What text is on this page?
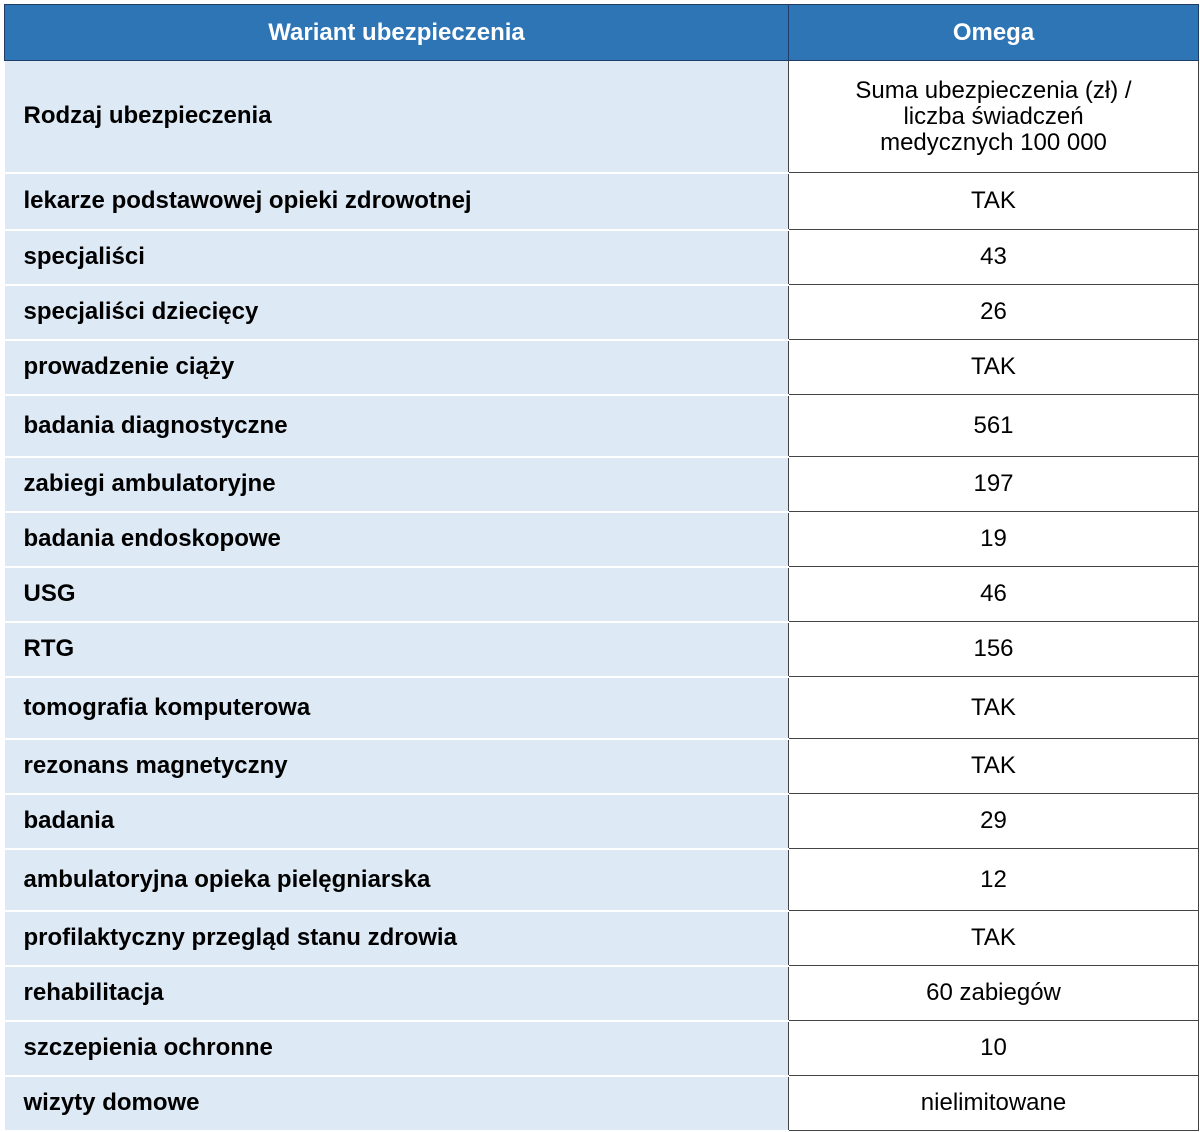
Wariant ubezpieczenia	Omega
Rodzaj ubezpieczenia	Suma ubezpieczenia (zł) /
liczba świadczeń
medycznych 100 000

lekarze podstawowej opieki zdrowotnej	TAK
specjaliści	43
specjaliści dziecięcy	26
prowadzenie ciąży	TAK
badania diagnostyczne	561
zabiegi ambulatoryjne	197
badania endoskopowe	19
USG	46
RTG	156
tomografia komputerowa	TAK
rezonans magnetyczny	TAK
badania	29
ambulatoryjna opieka pielęgniarska	12
profilaktyczny przegląd stanu zdrowia	TAK
rehabilitacja	60 zabiegów
szczepienia ochronne	10
wizyty domowe	nielimitowane
